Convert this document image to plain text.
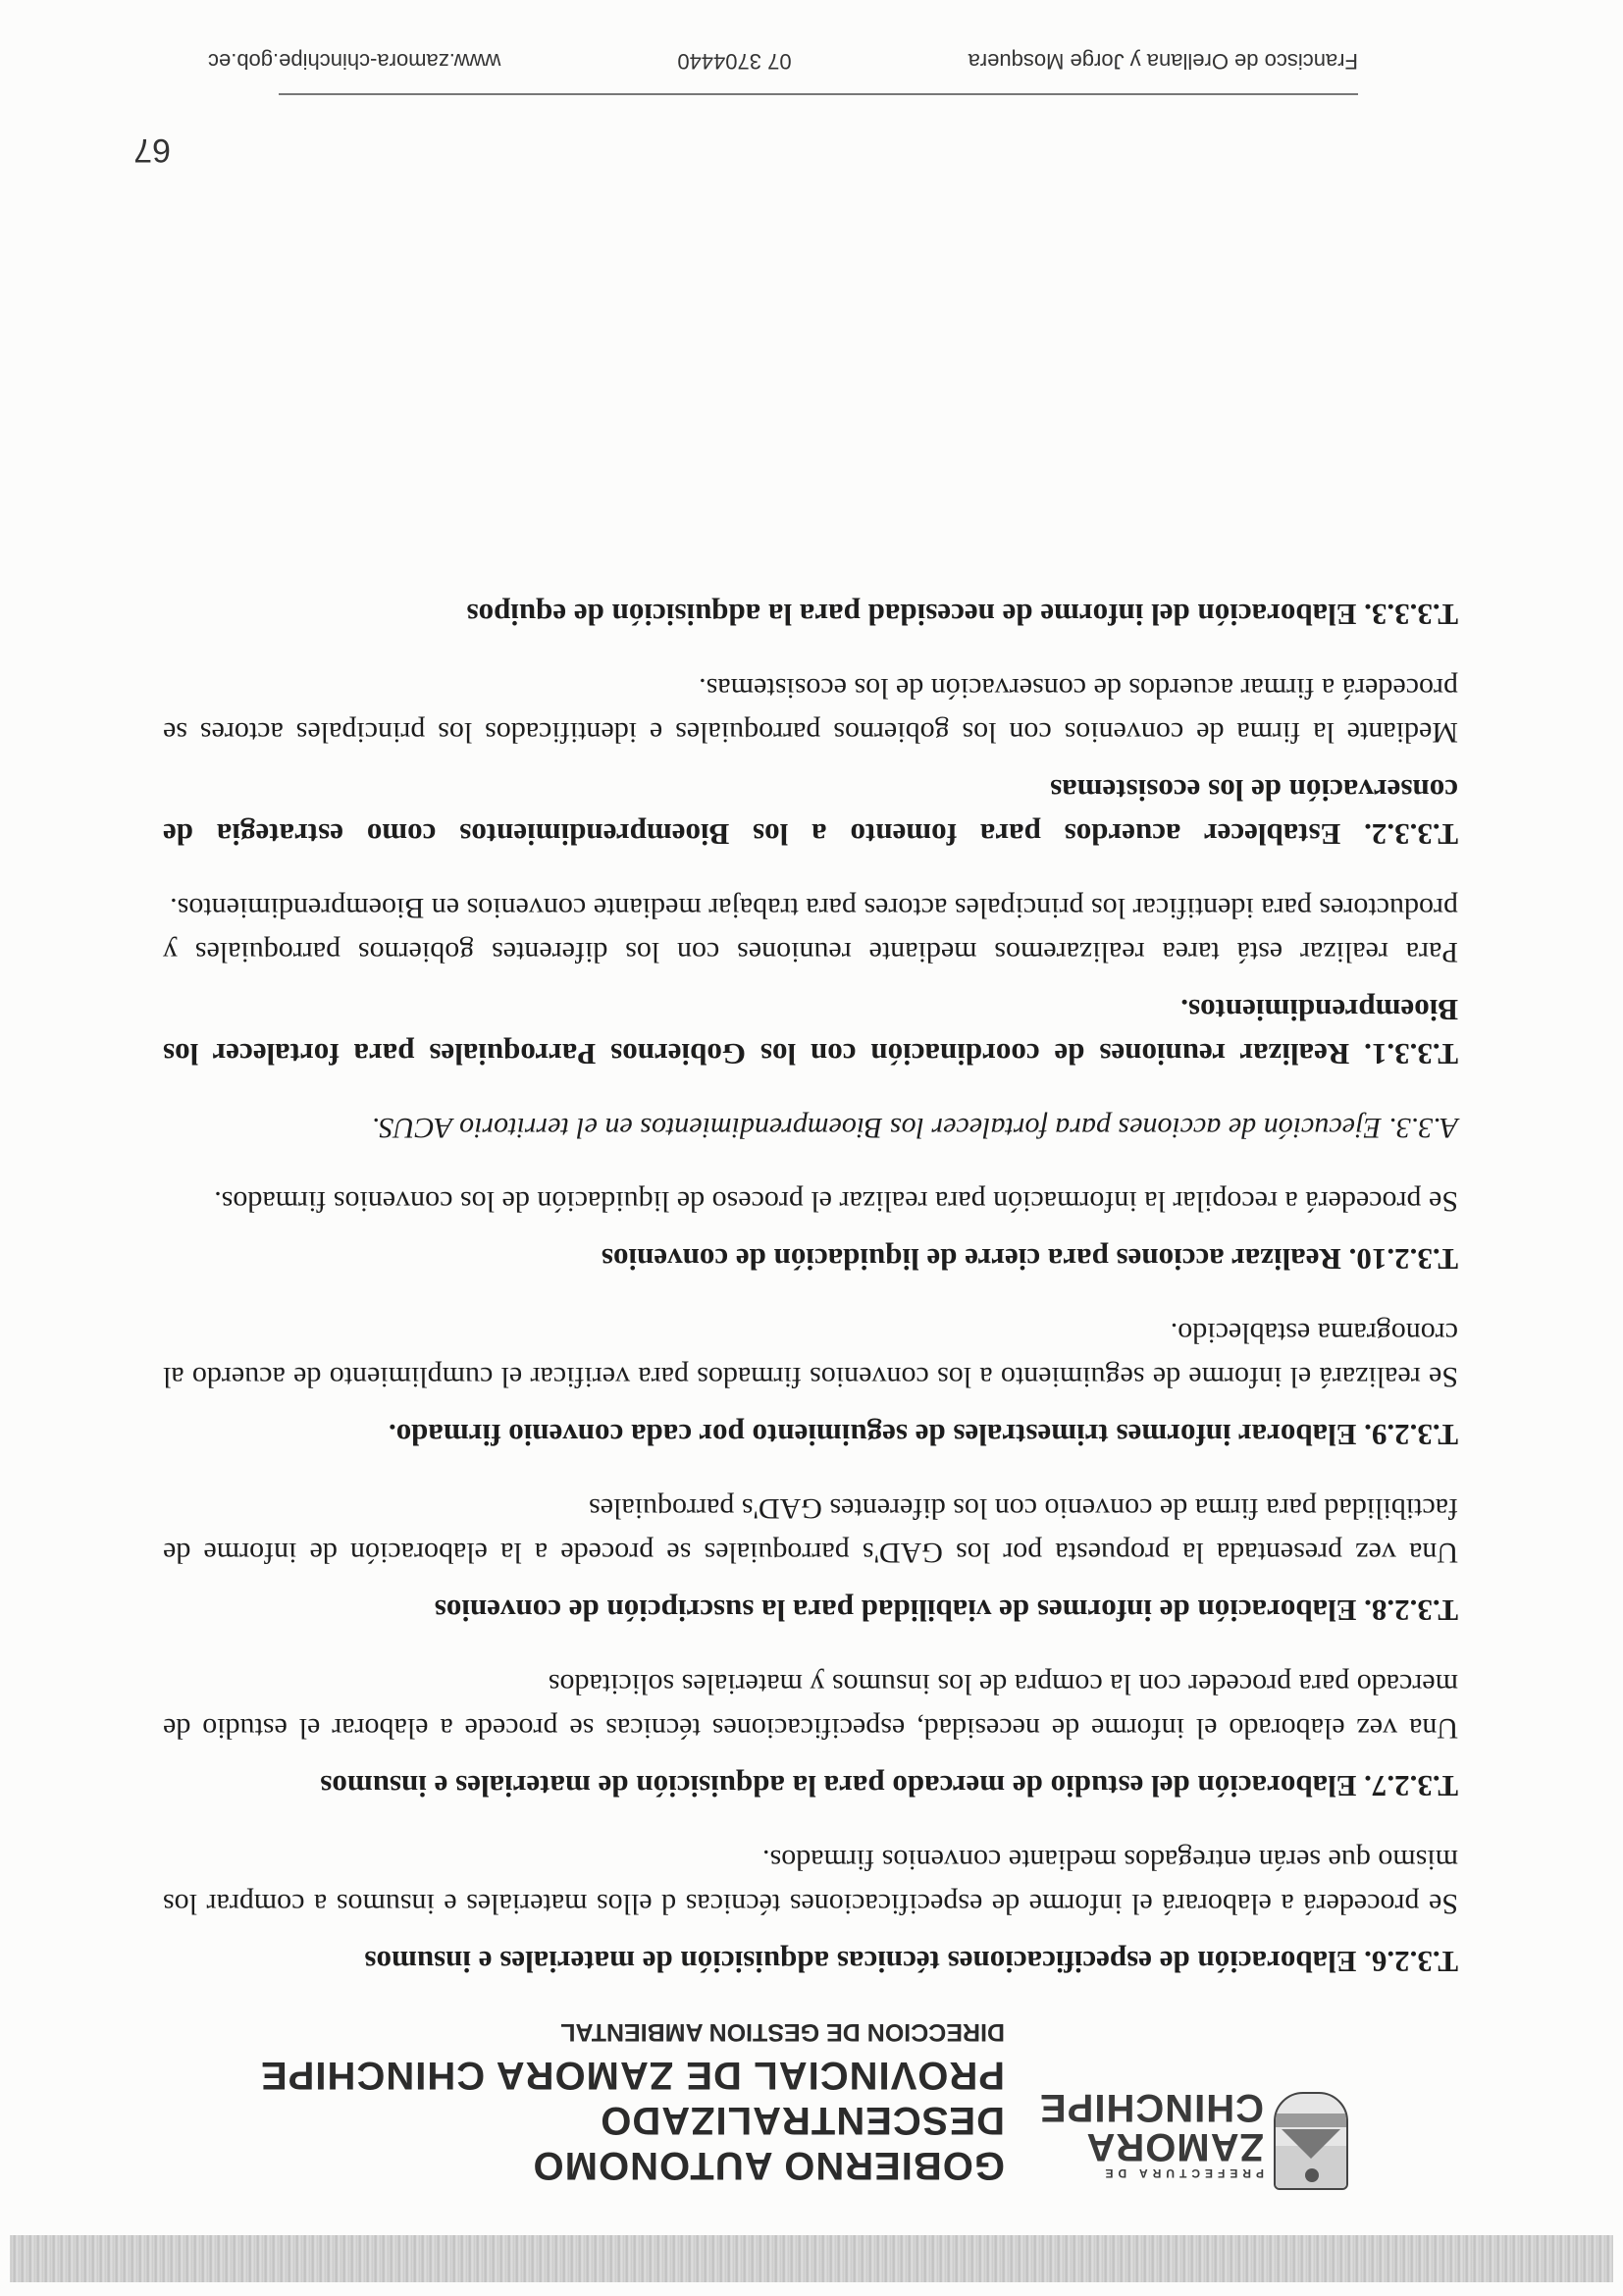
PREFECTURA DE
ZAMORA
CHINCHIPE
GOBIERNO AUTONOMO DESCENTRALIZADO
PROVINCIAL DE ZAMORA CHINCHIPE
DIRECCION DE GESTION AMBIENTAL
T.3.2.6. Elaboración de especificaciones técnicas adquisición de materiales e insumos

Se procederá a elaborará el informe de especificaciones técnicas d ellos materiales e insumos a comprar los mismo que serán entregados mediante convenios firmados.

T.3.2.7. Elaboración del estudio de mercado para la adquisición de materiales e insumos

Una vez elaborado el informe de necesidad, especificaciones técnicas se procede a elaborar el estudio de mercado para proceder con la compra de los insumos y materiales solicitados

T.3.2.8. Elaboración de informes de viabilidad para la suscripción de convenios

Una vez presentada la propuesta por los GAD's parroquiales se procede a la elaboración de informe de factibilidad para firma de convenio con los diferentes GAD's parroquiales

T.3.2.9. Elaborar informes trimestrales de seguimiento por cada convenio firmado.

Se realizará el informe de seguimiento a los convenios firmados para verificar el cumplimiento de acuerdo al cronograma establecido.

T.3.2.10. Realizar acciones para cierre de liquidación de convenios

Se procederá a recopilar la información para realizar el proceso de liquidación de los convenios firmados.

A.3.3. Ejecución de acciones para fortalecer los Bioemprendimientos en el territorio ACUS.

T.3.3.1. Realizar reuniones de coordinación con los Gobiernos Parroquiales para fortalecer los Bioemprendimientos.

Para realizar está tarea realizaremos mediante reuniones con los diferentes gobiernos parroquiales y productores para identificar los principales actores para trabajar mediante convenios en Bioemprendimientos.

T.3.3.2. Establecer acuerdos para fomento a los Bioemprendimientos como estrategia de conservación de los ecosistemas

Mediante la firma de convenios con los gobiernos parroquiales e identificados los principales actores se procederá a firmar acuerdos de conservación de los ecosistemas.

T.3.3.3. Elaboración del informe de necesidad para la adquisición de equipos
67
Francisco de Orellana y Jorge Mosquera
07 3704440
www.zamora-chinchipe.gob.ec
